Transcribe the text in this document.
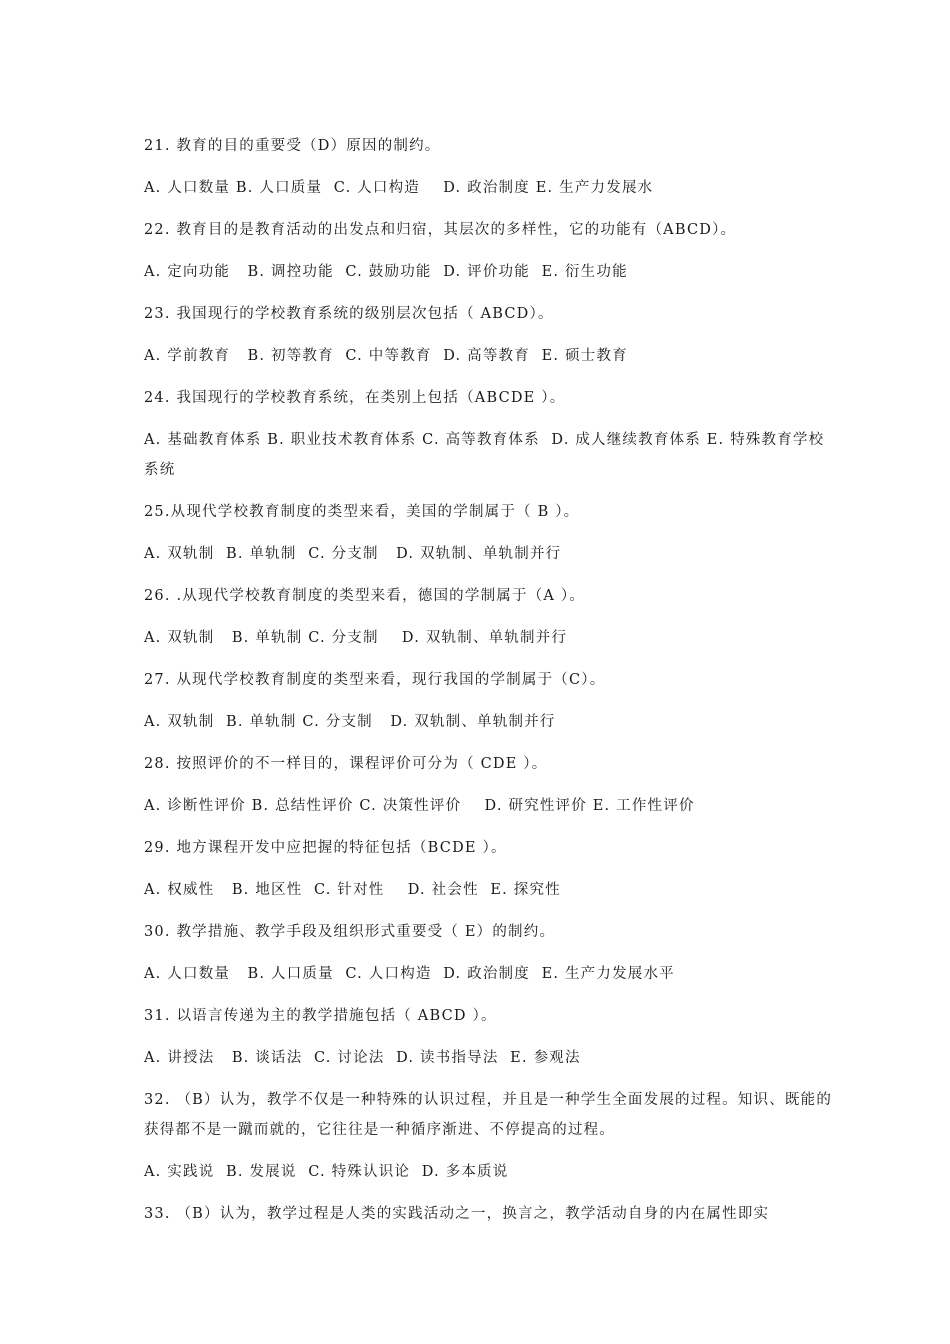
21. 教育的目的重要受（D）原因的制约。
A. 人口数量 B. 人口质量  C. 人口构造    D. 政治制度 E. 生产力发展水
22. 教育目的是教育活动的出发点和归宿，其层次的多样性，它的功能有（ABCD）。
A. 定向功能   B. 调控功能  C. 鼓励功能  D. 评价功能  E. 衍生功能
23. 我国现行的学校教育系统的级别层次包括（ ABCD）。
A. 学前教育   B. 初等教育  C. 中等教育  D. 高等教育  E. 硕士教育
24. 我国现行的学校教育系统，在类别上包括（ABCDE ）。
A. 基础教育体系 B. 职业技术教育体系 C. 高等教育体系  D. 成人继续教育体系 E. 特殊教育学校系统
25.从现代学校教育制度的类型来看，美国的学制属于（ B ）。
A. 双轨制  B. 单轨制  C. 分支制   D. 双轨制、单轨制并行
26. .从现代学校教育制度的类型来看，德国的学制属于（A ）。
A. 双轨制   B. 单轨制 C. 分支制    D. 双轨制、单轨制并行
27. 从现代学校教育制度的类型来看，现行我国的学制属于（C）。
A. 双轨制  B. 单轨制 C. 分支制   D. 双轨制、单轨制并行
28. 按照评价的不一样目的，课程评价可分为（ CDE ）。
A. 诊断性评价 B. 总结性评价 C. 决策性评价    D. 研究性评价 E. 工作性评价
29. 地方课程开发中应把握的特征包括（BCDE ）。
A. 权威性   B. 地区性  C. 针对性    D. 社会性  E. 探究性
30. 教学措施、教学手段及组织形式重要受（ E）的制约。
A. 人口数量   B. 人口质量  C. 人口构造  D. 政治制度  E. 生产力发展水平
31. 以语言传递为主的教学措施包括（ ABCD ）。
A. 讲授法   B. 谈话法  C. 讨论法  D. 读书指导法  E. 参观法
32. （B）认为，教学不仅是一种特殊的认识过程，并且是一种学生全面发展的过程。知识、既能的获得都不是一蹴而就的，它往往是一种循序渐进、不停提高的过程。
A. 实践说  B. 发展说  C. 特殊认识论  D. 多本质说
33. （B）认为，教学过程是人类的实践活动之一，换言之，教学活动自身的内在属性即实
